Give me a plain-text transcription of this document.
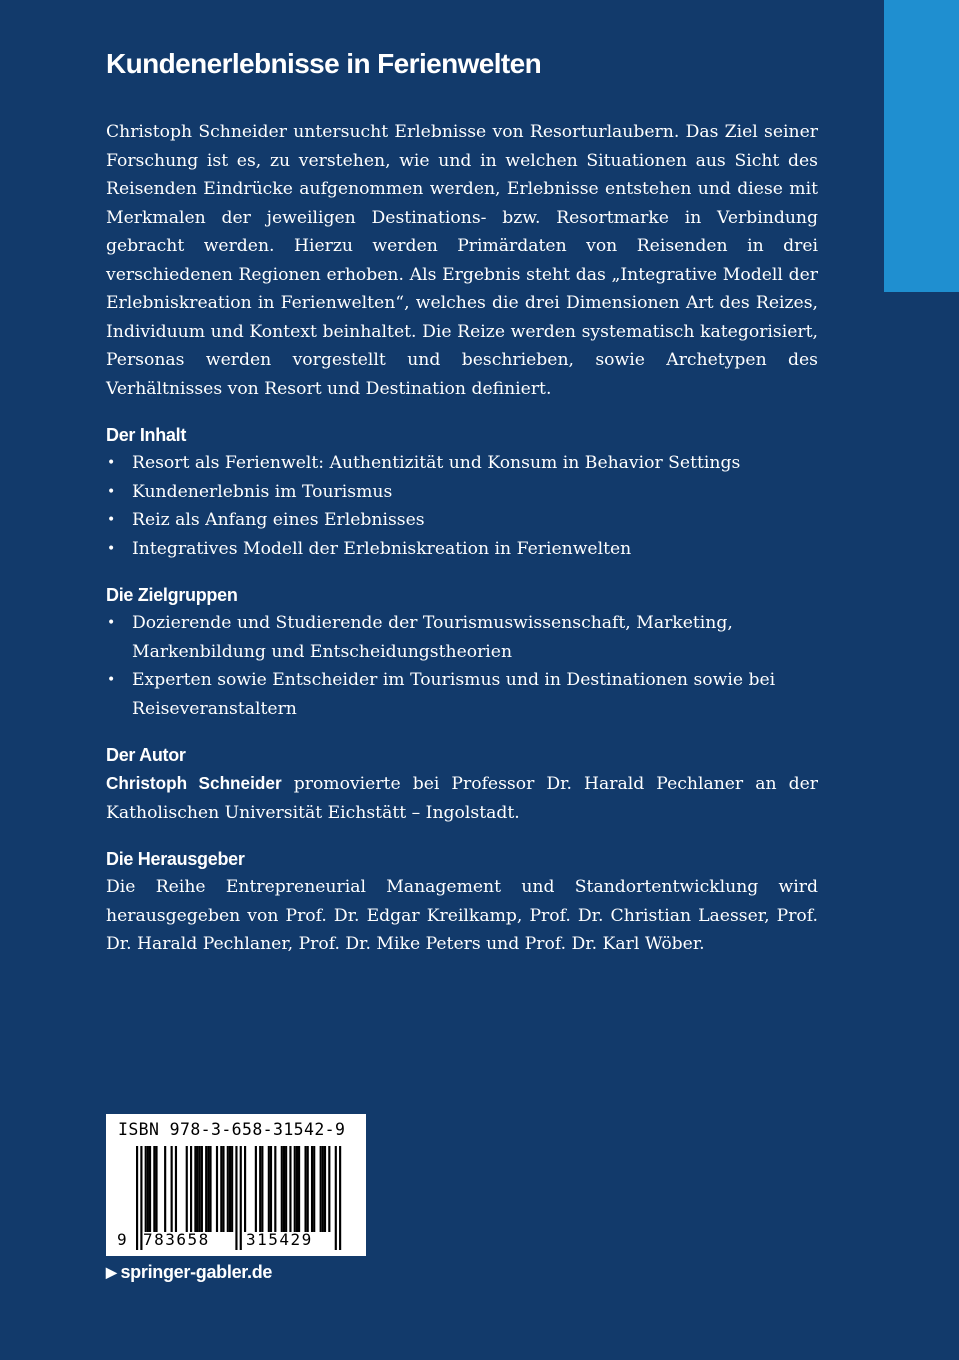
Kundenerlebnisse in Ferienwelten

Christoph Schneider untersucht Erlebnisse von Resorturlaubern. Das Ziel seiner Forschung ist es, zu verstehen, wie und in welchen Situationen aus Sicht des Reisenden Eindrücke aufgenommen werden, Erlebnisse entstehen und diese mit Merkmalen der jeweiligen Destinations- bzw. Resortmarke in Verbindung gebracht werden. Hierzu werden Primärdaten von Reisenden in drei verschiedenen Regionen erhoben. Als Ergebnis steht das „Integrative Modell der Erlebniskreation in Ferienwelten“, welches die drei Dimensionen Art des Reizes, Individuum und Kontext beinhaltet. Die Reize werden systematisch kategorisiert, Personas werden vorgestellt und beschrieben, sowie Archetypen des Verhältnisses von Resort und Destination definiert.

Der Inhalt
• Resort als Ferienwelt: Authentizität und Konsum in Behavior Settings
• Kundenerlebnis im Tourismus
• Reiz als Anfang eines Erlebnisses
• Integratives Modell der Erlebniskreation in Ferienwelten
Die Zielgruppen
• Dozierende und Studierende der Tourismuswissenschaft, Marketing, Markenbildung und Entscheidungstheorien
• Experten sowie Entscheider im Tourismus und in Destinationen sowie bei Reiseveranstaltern
Der Autor

Christoph Schneider promovierte bei Professor Dr. Harald Pechlaner an der Katholischen Universität Eichstätt – Ingolstadt.

Die Herausgeber

Die Reihe Entrepreneurial Management und Standortentwicklung wird herausgegeben von Prof. Dr. Edgar Kreilkamp, Prof. Dr. Christian Laesser, Prof. Dr. Harald Pechlaner, Prof. Dr. Mike Peters und Prof. Dr. Karl Wöber.

ISBN 978-3-658-31542-9
9 783658 315429
▶ springer-gabler.de
